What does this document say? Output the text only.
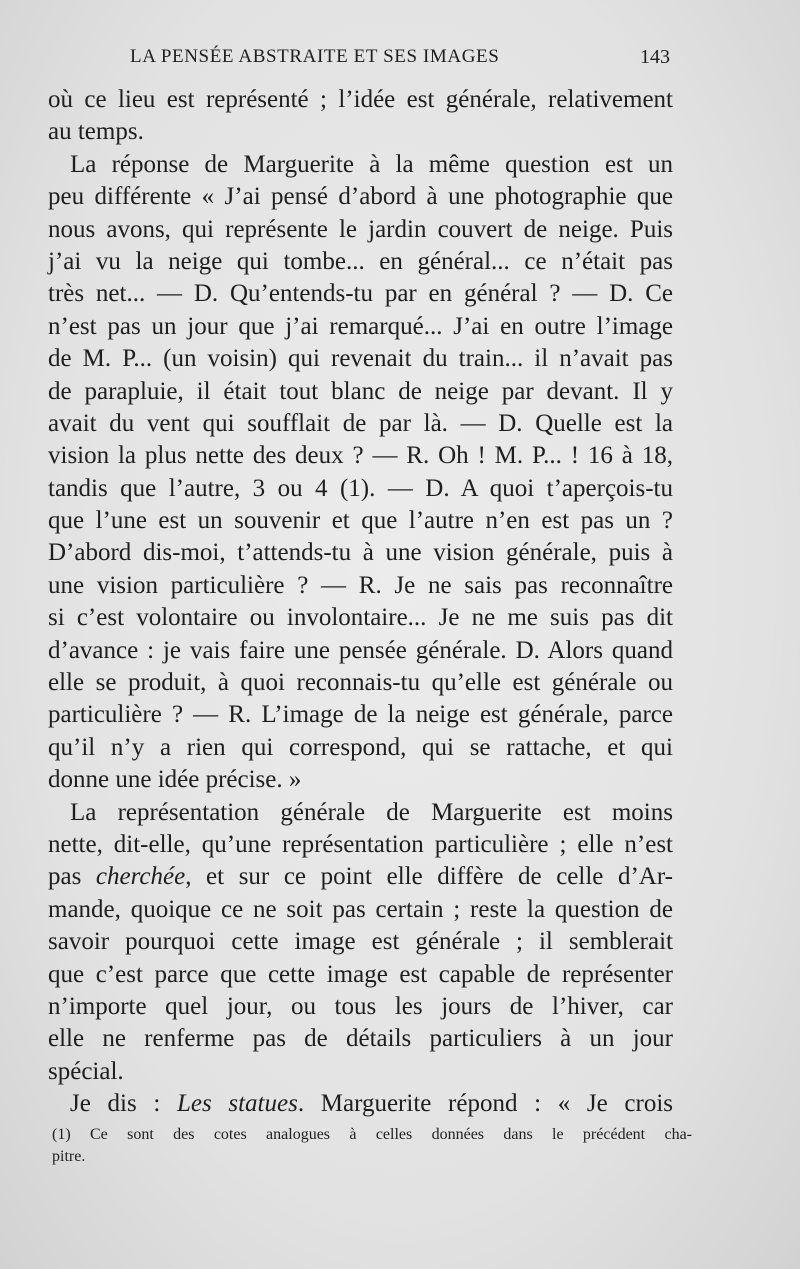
LA PENSÉE ABSTRAITE ET SES IMAGES	143
où ce lieu est représenté ; l’idée est générale, relativement
au temps.
La réponse de Marguerite à la même question est un
peu différente « J’ai pensé d’abord à une photographie que
nous avons, qui représente le jardin couvert de neige. Puis
j’ai vu la neige qui tombe... en général... ce n’était pas
très net... — D. Qu’entends-tu par en général ? — D. Ce
n’est pas un jour que j’ai remarqué... J’ai en outre l’image
de M. P... (un voisin) qui revenait du train... il n’avait pas
de parapluie, il était tout blanc de neige par devant. Il y
avait du vent qui soufflait de par là. — D. Quelle est la
vision la plus nette des deux ? — R. Oh ! M. P... ! 16 à 18,
tandis que l’autre, 3 ou 4 (1). — D. A quoi t’aperçois-tu
que l’une est un souvenir et que l’autre n’en est pas un ?
D’abord dis-moi, t’attends-tu à une vision générale, puis à
une vision particulière ? — R. Je ne sais pas reconnaître
si c’est volontaire ou involontaire... Je ne me suis pas dit
d’avance : je vais faire une pensée générale. D. Alors quand
elle se produit, à quoi reconnais-tu qu’elle est générale ou
particulière ? — R. L’image de la neige est générale, parce
qu’il n’y a rien qui correspond, qui se rattache, et qui
donne une idée précise. »
La représentation générale de Marguerite est moins
nette, dit-elle, qu’une représentation particulière ; elle n’est
pas cherchée, et sur ce point elle diffère de celle d’Ar-
mande, quoique ce ne soit pas certain ; reste la question de
savoir pourquoi cette image est générale ; il semblerait
que c’est parce que cette image est capable de représenter
n’importe quel jour, ou tous les jours de l’hiver, car
elle ne renferme pas de détails particuliers à un jour
spécial.
Je dis : Les statues. Marguerite répond : « Je crois
(1) Ce sont des cotes analogues à celles données dans le précédent cha-
pitre.
